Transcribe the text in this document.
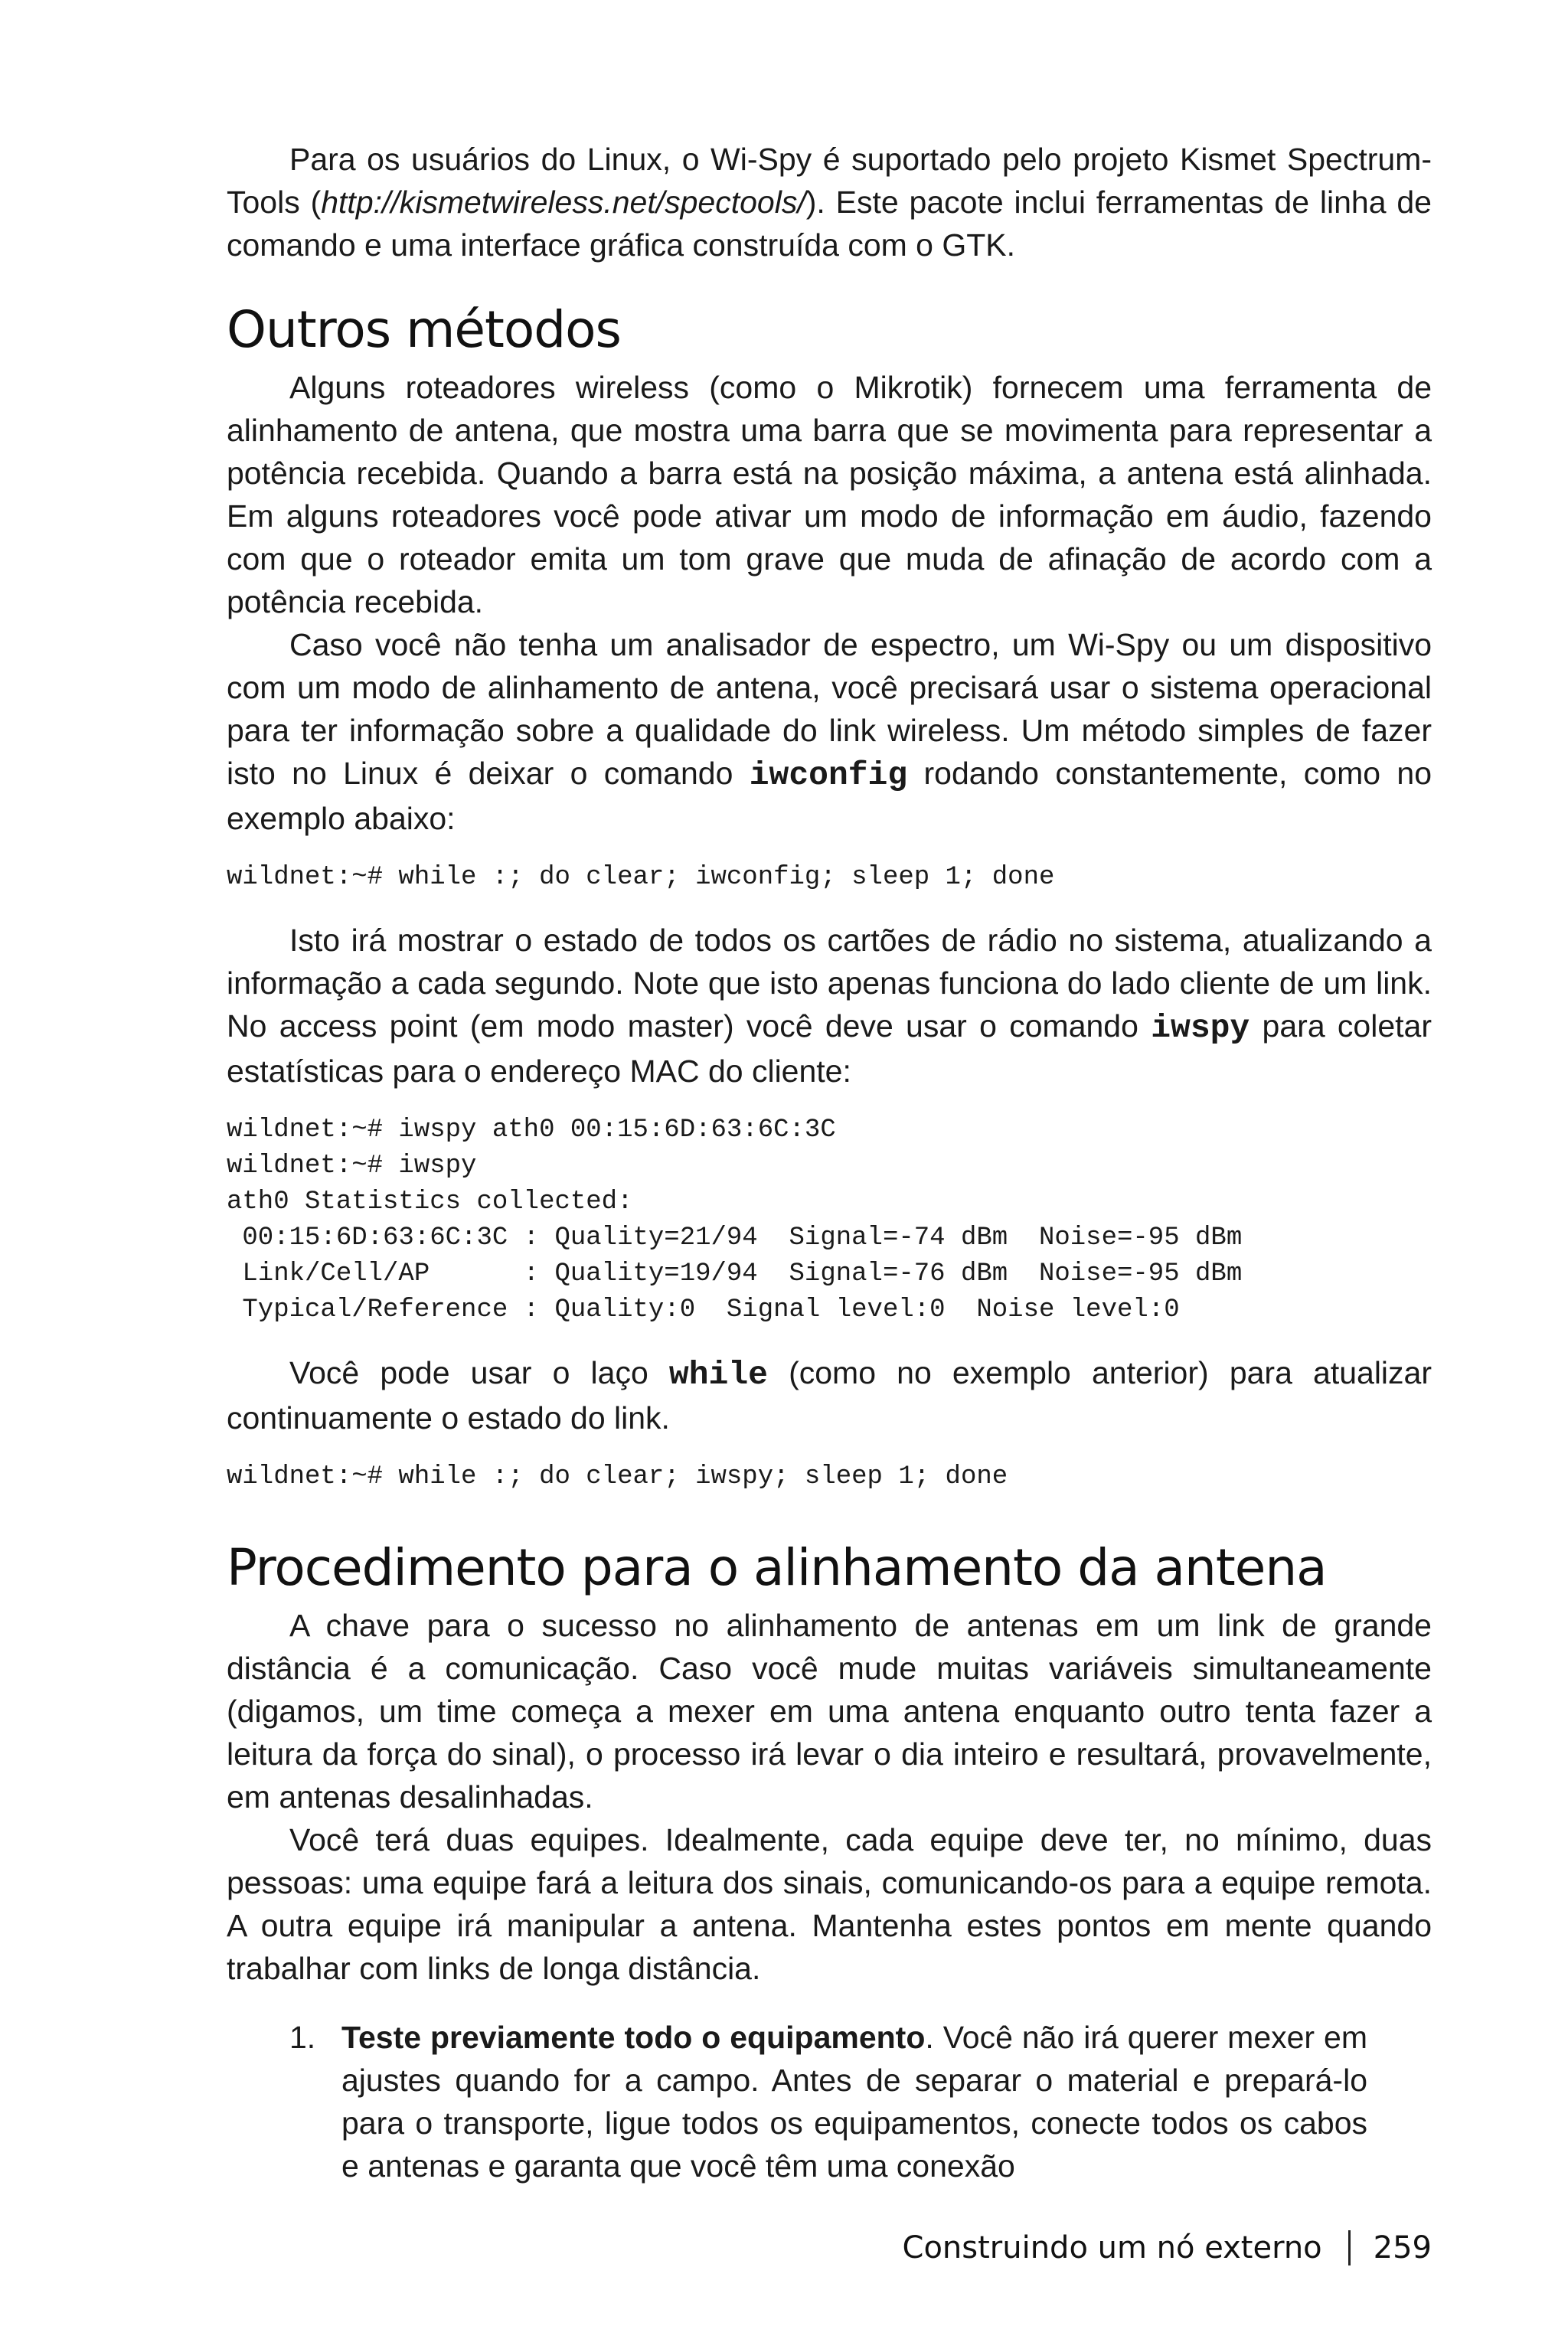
Para os usuários do Linux, o Wi-Spy é suportado pelo projeto Kismet Spectrum-Tools (http://kismetwireless.net/spectools/). Este pacote inclui ferramentas de linha de comando e uma interface gráfica construída com o GTK.

Outros métodos

Alguns roteadores wireless (como o Mikrotik) fornecem uma ferramenta de alinhamento de antena, que mostra uma barra que se movimenta para representar a potência recebida. Quando a barra está na posição máxima, a antena está alinhada. Em alguns roteadores você pode ativar um modo de informação em áudio, fazendo com que o roteador emita um tom grave que muda de afinação de acordo com a potência recebida.

Caso você não tenha um analisador de espectro, um Wi-Spy ou um dispositivo com um modo de alinhamento de antena, você precisará usar o sistema operacional para ter informação sobre a qualidade do link wireless. Um método simples de fazer isto no Linux é deixar o comando iwconfig rodando constantemente, como no exemplo abaixo:

wildnet:~# while :; do clear; iwconfig; sleep 1; done

Isto irá mostrar o estado de todos os cartões de rádio no sistema, atualizando a informação a cada segundo. Note que isto apenas funciona do lado cliente de um link. No access point (em modo master) você deve usar o comando iwspy para coletar estatísticas para o endereço MAC do cliente:

wildnet:~# iwspy ath0 00:15:6D:63:6C:3C
wildnet:~# iwspy
ath0 Statistics collected:
00:15:6D:63:6C:3C : Quality=21/94  Signal=-74 dBm  Noise=-95 dBm
Link/Cell/AP      : Quality=19/94  Signal=-76 dBm  Noise=-95 dBm
Typical/Reference : Quality:0  Signal level:0  Noise level:0

Você pode usar o laço while (como no exemplo anterior) para atualizar continuamente o estado do link.

wildnet:~# while :; do clear; iwspy; sleep 1; done
Procedimento para o alinhamento da antena

A chave para o sucesso no alinhamento de antenas em um link de grande distância é a comunicação. Caso você mude muitas variáveis simultaneamente (digamos, um time começa a mexer em uma antena enquanto outro tenta fazer a leitura da força do sinal), o processo irá levar o dia inteiro e resultará, provavelmente, em antenas desalinhadas.

Você terá duas equipes. Idealmente, cada equipe deve ter, no mínimo, duas pessoas: uma equipe fará a leitura dos sinais, comunicando-os para a equipe remota. A outra equipe irá manipular a antena. Mantenha estes pontos em mente quando trabalhar com links de longa distância.

1. Teste previamente todo o equipamento. Você não irá querer mexer em ajustes quando for a campo. Antes de separar o material e prepará-lo para o transporte, ligue todos os equipamentos, conecte todos os cabos e antenas e garanta que você têm uma conexão
Construindo um nó externo 259
